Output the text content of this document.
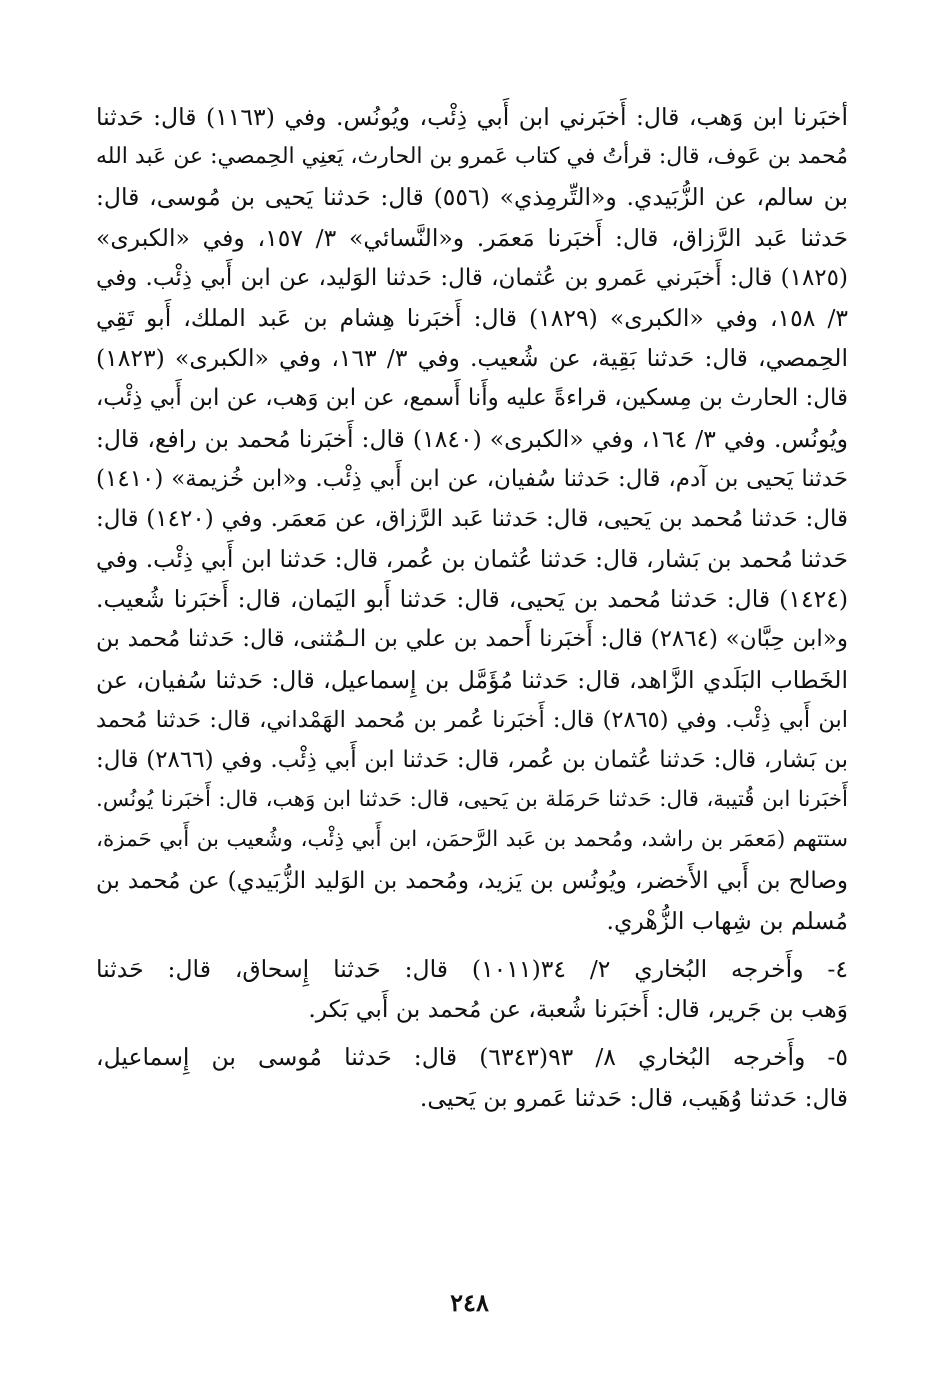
أخبَرنا ابن وَهب، قال: أَخبَرني ابن أَبي ذِئْب، ويُونُس. وفي (١١٦٣) قال: حَدثنا
مُحمد بن عَوف، قال: قرأتُ في كتاب عَمرو بن الحارث، يَعنِي الحِمصي: عن عَبد الله
بن سالم، عن الزُّبَيدي. و«التِّرمِذي» (٥٥٦) قال: حَدثنا يَحيى بن مُوسى، قال:
حَدثنا عَبد الرَّزاق، قال: أَخبَرنا مَعمَر. و«النَّسائي» ٣/ ١٥٧، وفي «الكبرى»
(١٨٢٥) قال: أَخبَرني عَمرو بن عُثمان، قال: حَدثنا الوَليد، عن ابن أَبي ذِئْب. وفي
٣/ ١٥٨، وفي «الكبرى» (١٨٢٩) قال: أَخبَرنا هِشام بن عَبد الملك، أَبو تَقِي
الحِمصي، قال: حَدثنا بَقِية، عن شُعيب. وفي ٣/ ١٦٣، وفي «الكبرى» (١٨٢٣)
قال: الحارث بن مِسكين، قراءةً عليه وأَنا أَسمع، عن ابن وَهب، عن ابن أَبي ذِئْب،
ويُونُس. وفي ٣/ ١٦٤، وفي «الكبرى» (١٨٤٠) قال: أَخبَرنا مُحمد بن رافع، قال:
حَدثنا يَحيى بن آدم، قال: حَدثنا سُفيان، عن ابن أَبي ذِئْب. و«ابن خُزيمة» (١٤١٠)
قال: حَدثنا مُحمد بن يَحيى، قال: حَدثنا عَبد الرَّزاق، عن مَعمَر. وفي (١٤٢٠) قال:
حَدثنا مُحمد بن بَشار، قال: حَدثنا عُثمان بن عُمر، قال: حَدثنا ابن أَبي ذِئْب. وفي
(١٤٢٤) قال: حَدثنا مُحمد بن يَحيى، قال: حَدثنا أَبو اليَمان، قال: أَخبَرنا شُعيب.
و«ابن حِبَّان» (٢٨٦٤) قال: أَخبَرنا أَحمد بن علي بن الـمُثنى، قال: حَدثنا مُحمد بن
الخَطاب البَلَدي الزَّاهد، قال: حَدثنا مُؤَمَّل بن إِسماعيل، قال: حَدثنا سُفيان، عن
ابن أَبي ذِئْب. وفي (٢٨٦٥) قال: أَخبَرنا عُمر بن مُحمد الهَمْداني، قال: حَدثنا مُحمد
بن بَشار، قال: حَدثنا عُثمان بن عُمر، قال: حَدثنا ابن أَبي ذِئْب. وفي (٢٨٦٦) قال:
أَخبَرنا ابن قُتيبة، قال: حَدثنا حَرمَلة بن يَحيى، قال: حَدثنا ابن وَهب، قال: أَخبَرنا يُونُس.
ستتهم (مَعمَر بن راشد، ومُحمد بن عَبد الرَّحمَن، ابن أَبي ذِئْب، وشُعيب بن أَبي حَمزة،
وصالح بن أَبي الأَخضر، ويُونُس بن يَزيد، ومُحمد بن الوَليد الزُّبَيدي) عن مُحمد بن
مُسلم بن شِهاب الزُّهْري.
٤- وأَخرجه البُخاري ٢/ ٣٤(١٠١١) قال: حَدثنا إِسحاق، قال: حَدثنا
وَهب بن جَرير، قال: أَخبَرنا شُعبة، عن مُحمد بن أَبي بَكر.
٥- وأَخرجه البُخاري ٨/ ٩٣(٦٣٤٣) قال: حَدثنا مُوسى بن إِسماعيل،
قال: حَدثنا وُهَيب، قال: حَدثنا عَمرو بن يَحيى.
٢٤٨
